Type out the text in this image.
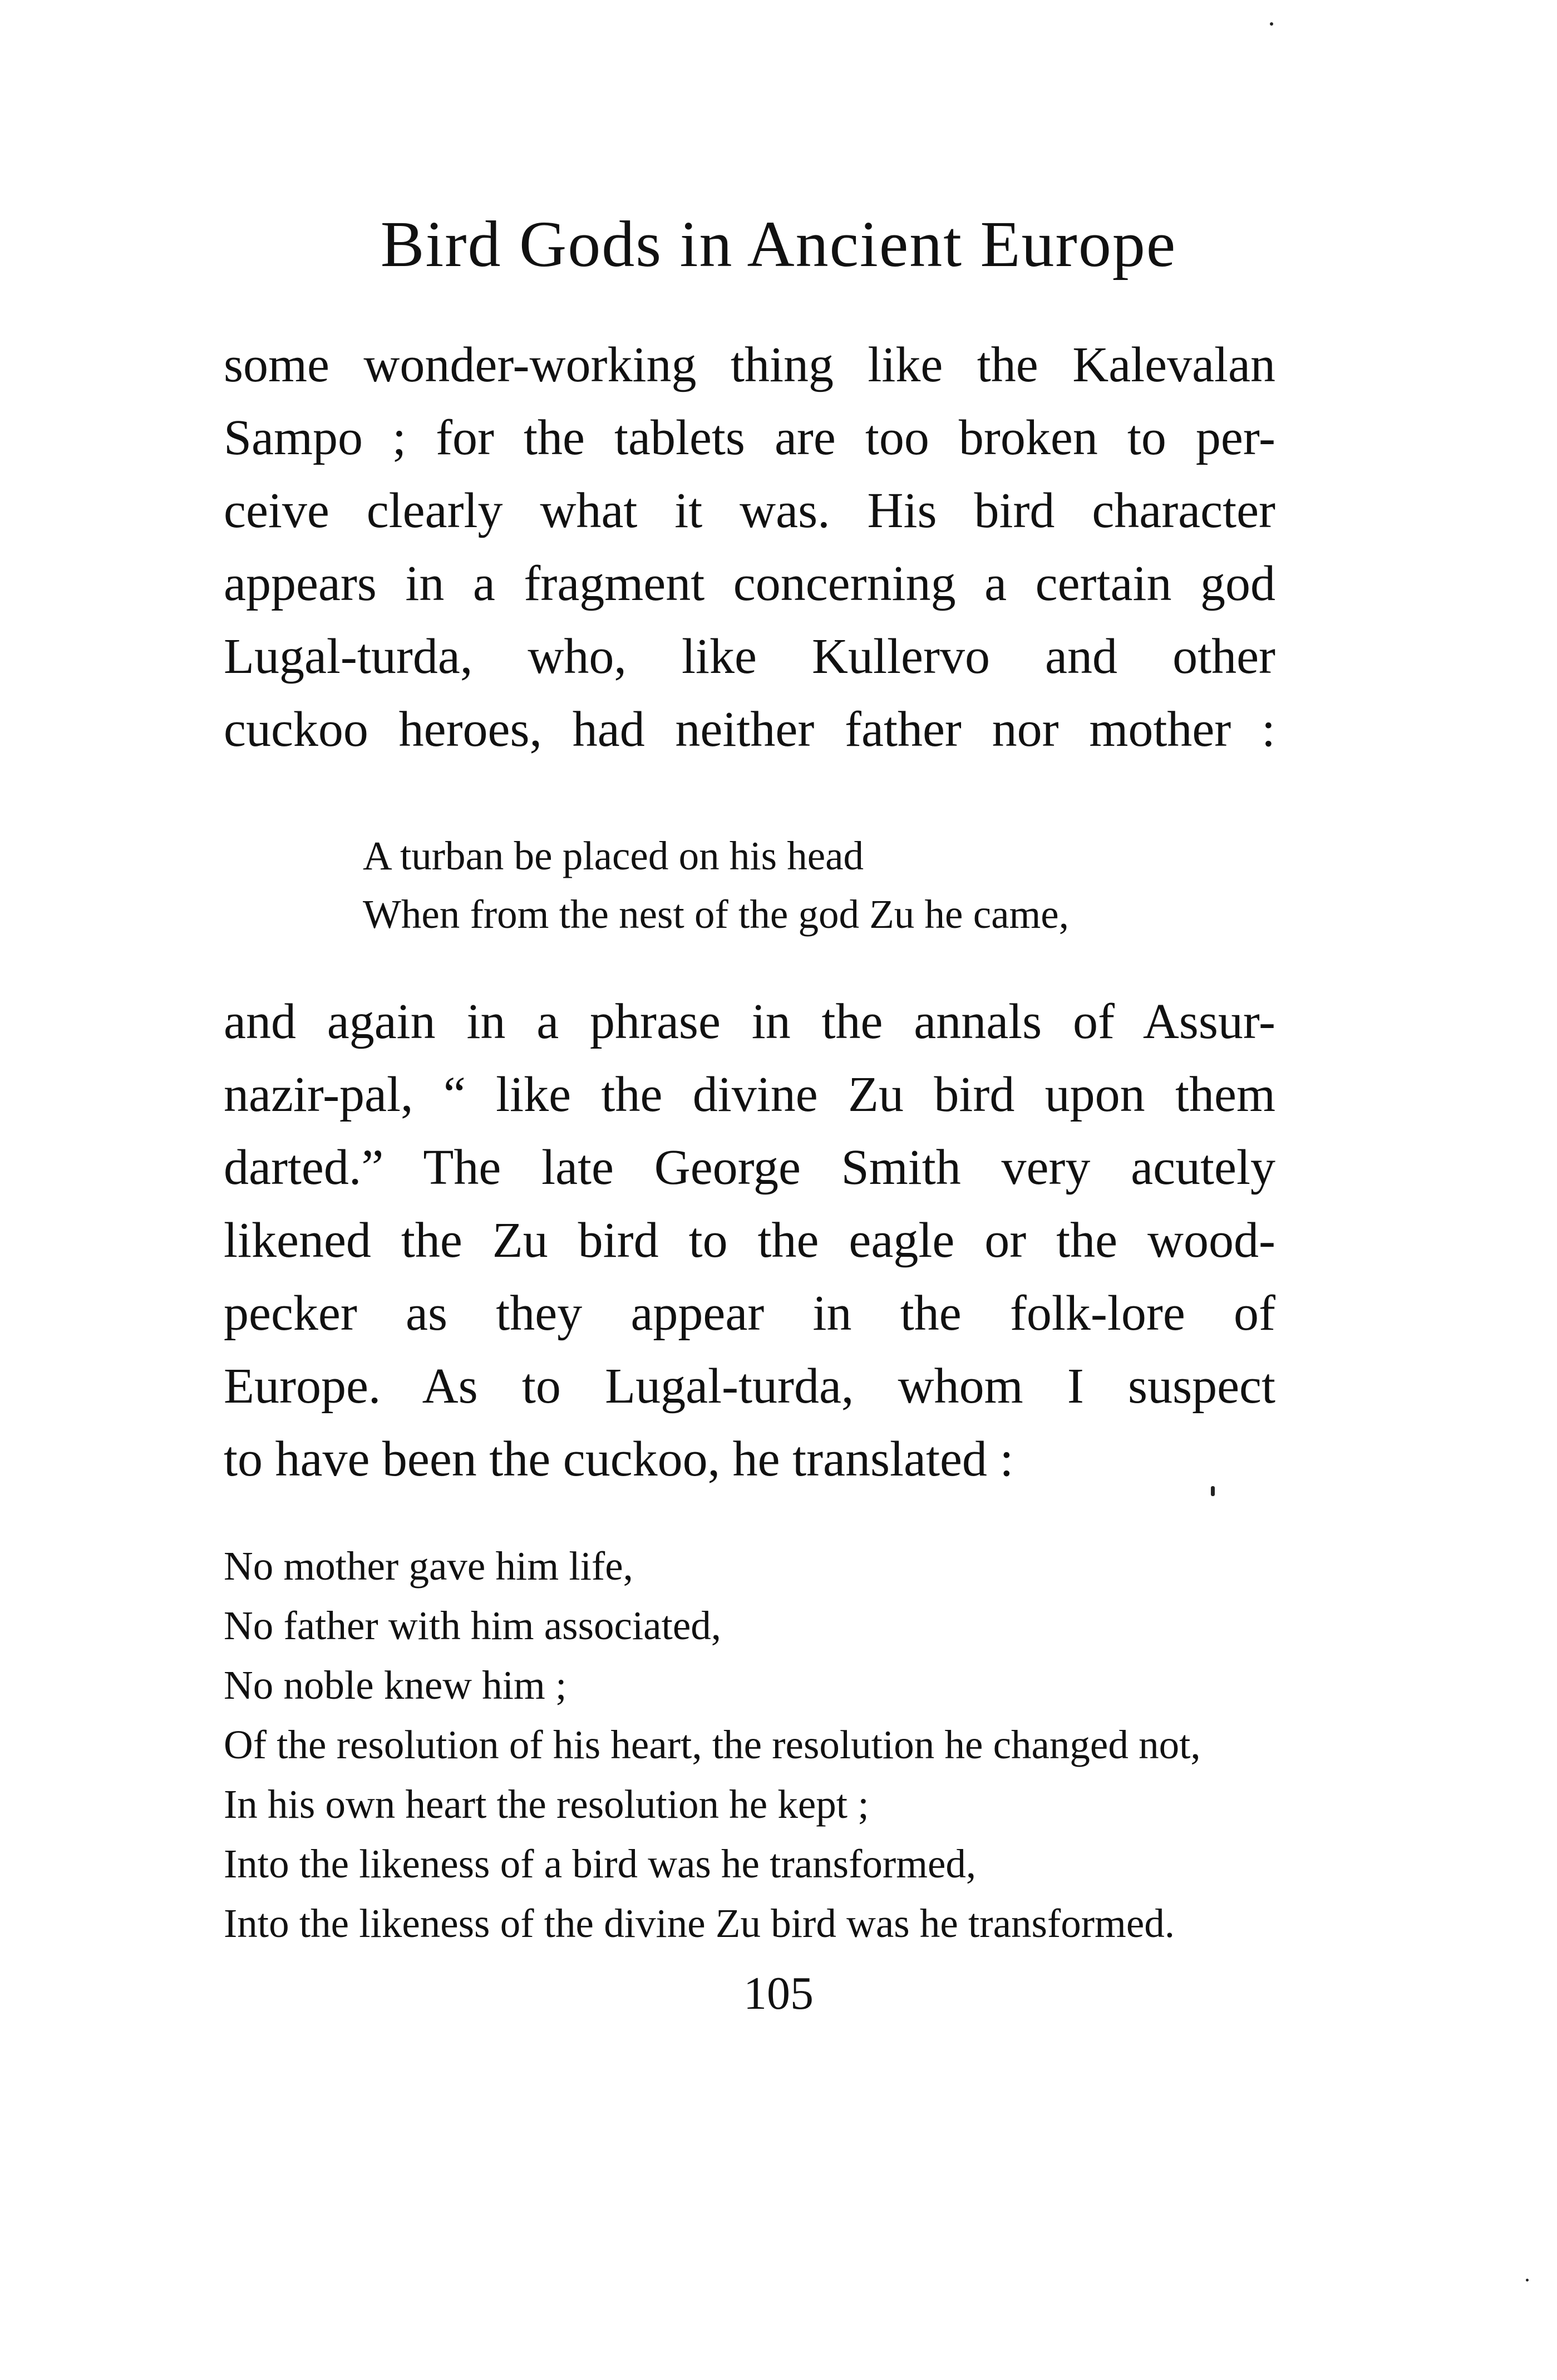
Bird Gods in Ancient Europe

some wonder-working thing like the Kalevalan
Sampo ; for the tablets are too broken to per-
ceive clearly what it was. His bird character
appears in a fragment concerning a certain god
Lugal-turda, who, like Kullervo and other
cuckoo heroes, had neither father nor mother :

A turban be placed on his head
When from the nest of the god Zu he came,

and again in a phrase in the annals of Assur-
nazir-pal, “ like the divine Zu bird upon them
darted.” The late George Smith very acutely
likened the Zu bird to the eagle or the wood-
pecker as they appear in the folk-lore of
Europe. As to Lugal-turda, whom I suspect
to have been the cuckoo, he translated :

No mother gave him life,
No father with him associated,
No noble knew him ;
Of the resolution of his heart, the resolution he changed not,
In his own heart the resolution he kept ;
Into the likeness of a bird was he transformed,
Into the likeness of the divine Zu bird was he transformed.
105
